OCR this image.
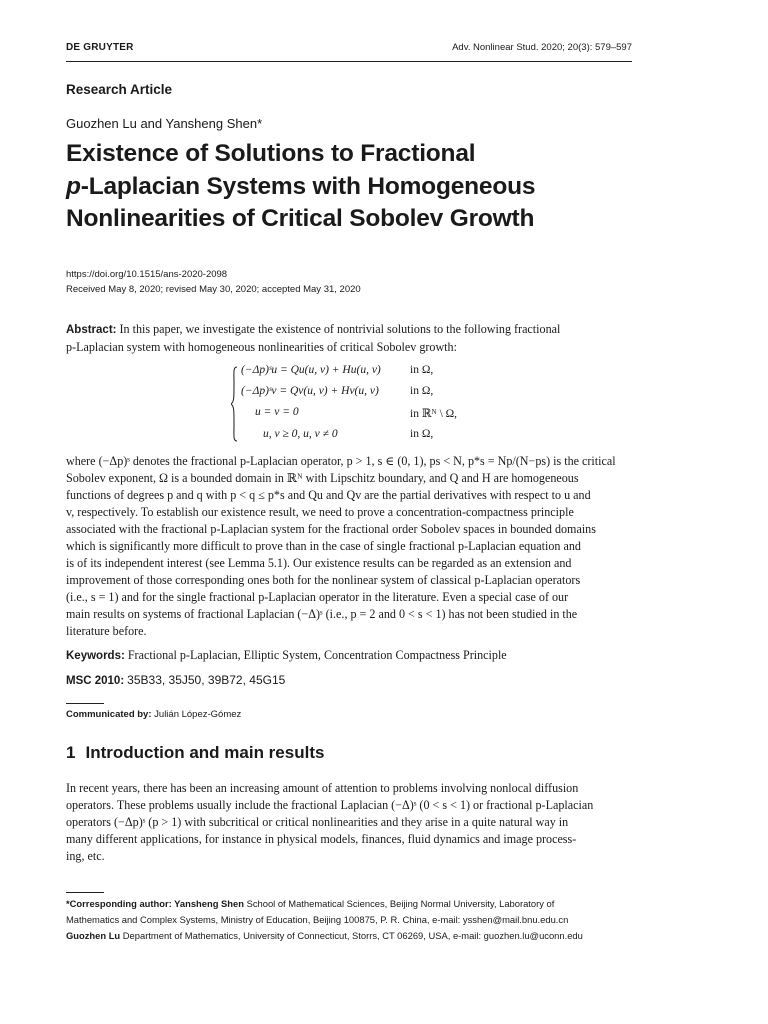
DE GRUYTER	Adv. Nonlinear Stud. 2020; 20(3): 579–597
Research Article
Guozhen Lu and Yansheng Shen*
Existence of Solutions to Fractional
p-Laplacian Systems with Homogeneous
Nonlinearities of Critical Sobolev Growth
https://doi.org/10.1515/ans-2020-2098
Received May 8, 2020; revised May 30, 2020; accepted May 31, 2020
Abstract: In this paper, we investigate the existence of nontrivial solutions to the following fractional
p-Laplacian system with homogeneous nonlinearities of critical Sobolev growth:
(−Δp)ˢu = Qu(u, v) + Hu(u, v)	in Ω,
(−Δp)ˢv = Qv(u, v) + Hv(u, v)	in Ω,
u = v = 0	in ℝᴺ \ Ω,
u, v ≥ 0, u, v ≠ 0	in Ω,
where (−Δp)ˢ denotes the fractional p-Laplacian operator, p > 1, s ∈ (0, 1), ps < N, p*s = Np/(N−ps) is the critical
Sobolev exponent, Ω is a bounded domain in ℝᴺ with Lipschitz boundary, and Q and H are homogeneous
functions of degrees p and q with p < q ≤ p*s and Qu and Qv are the partial derivatives with respect to u and
v, respectively. To establish our existence result, we need to prove a concentration-compactness principle
associated with the fractional p-Laplacian system for the fractional order Sobolev spaces in bounded domains
which is significantly more difficult to prove than in the case of single fractional p-Laplacian equation and
is of its independent interest (see Lemma 5.1). Our existence results can be regarded as an extension and
improvement of those corresponding ones both for the nonlinear system of classical p-Laplacian operators
(i.e., s = 1) and for the single fractional p-Laplacian operator in the literature. Even a special case of our
main results on systems of fractional Laplacian (−Δ)ˢ (i.e., p = 2 and 0 < s < 1) has not been studied in the
literature before.
Keywords: Fractional p-Laplacian, Elliptic System, Concentration Compactness Principle
MSC 2010: 35B33, 35J50, 39B72, 45G15
Communicated by: Julián López-Gómez
1 Introduction and main results
In recent years, there has been an increasing amount of attention to problems involving nonlocal diffusion
operators. These problems usually include the fractional Laplacian (−Δ)ˢ (0 < s < 1) or fractional p-Laplacian
operators (−Δp)ˢ (p > 1) with subcritical or critical nonlinearities and they arise in a quite natural way in
many different applications, for instance in physical models, finances, fluid dynamics and image process-
ing, etc.
*Corresponding author: Yansheng Shen School of Mathematical Sciences, Beijing Normal University, Laboratory of
Mathematics and Complex Systems, Ministry of Education, Beijing 100875, P. R. China, e-mail: ysshen@mail.bnu.edu.cn
Guozhen Lu Department of Mathematics, University of Connecticut, Storrs, CT 06269, USA, e-mail: guozhen.lu@uconn.edu
